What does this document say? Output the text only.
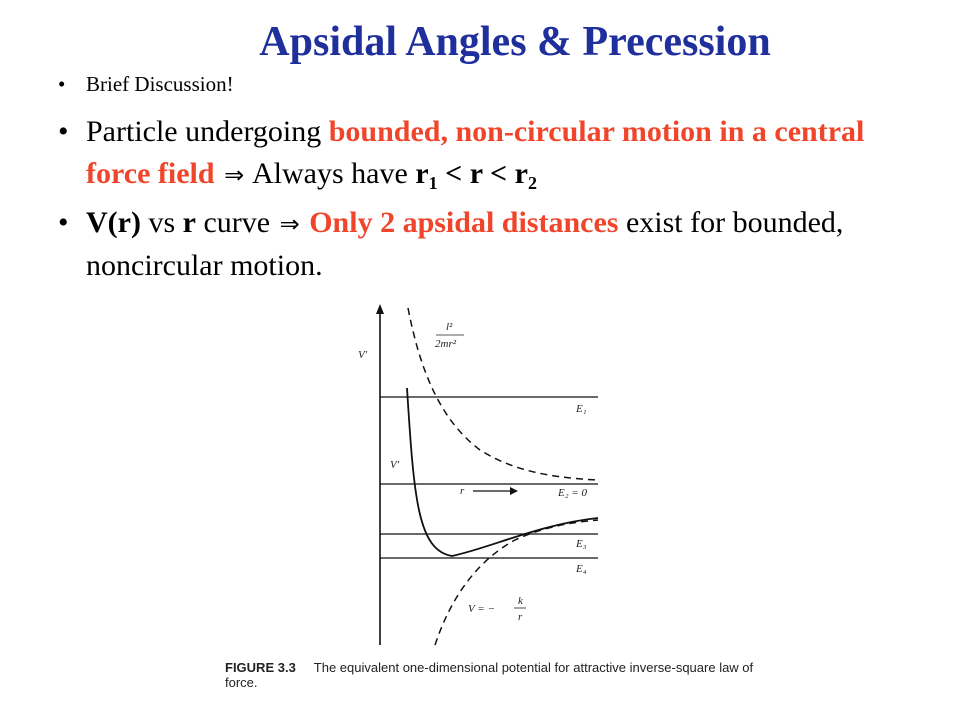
Apsidal Angles & Precession
• Brief Discussion!
• Particle undergoing bounded, non-circular motion in a central force field ⇒ Always have $r_1 < r < r_2$
• V(r) vs r curve ⇒ Only 2 apsidal distances exist for bounded, noncircular motion.
V′
l²
2mr²
E₁
V′
r	E₂ = 0
E₃
E₄
V = −
k
r
FIGURE 3.3 The equivalent one-dimensional potential for attractive inverse-square law of force.
